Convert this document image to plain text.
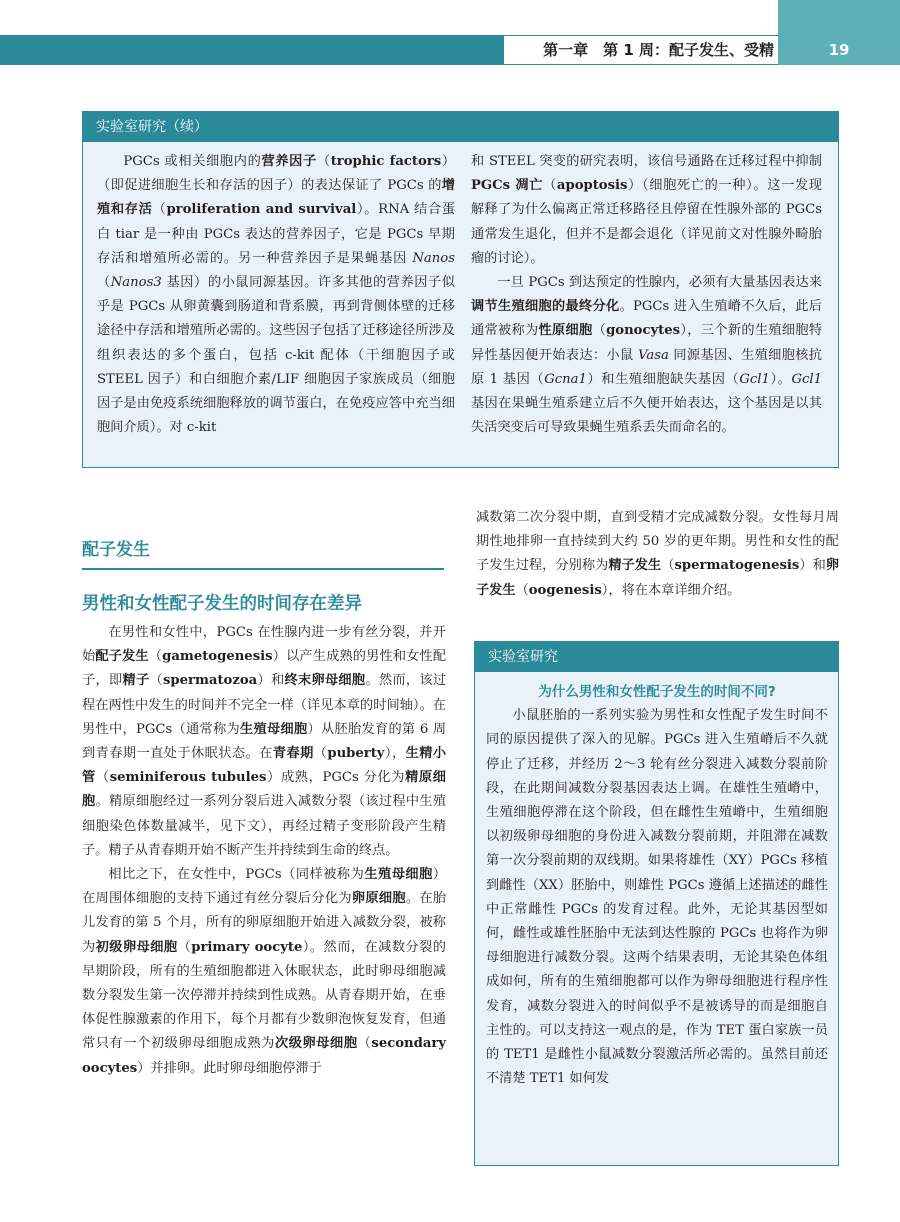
第一章　第 1 周：配子发生、受精	19
实验室研究（续）

PGCs 或相关细胞内的营养因子（trophic factors）（即促进细胞生长和存活的因子）的表达保证了 PGCs 的增殖和存活（proliferation and survival）。RNA 结合蛋白 tiar 是一种由 PGCs 表达的营养因子，它是 PGCs 早期存活和增殖所必需的。另一种营养因子是果蝇基因 Nanos（Nanos3 基因）的小鼠同源基因。许多其他的营养因子似乎是 PGCs 从卵黄囊到肠道和背系膜，再到背侧体壁的迁移途径中存活和增殖所必需的。这些因子包括了迁移途径所涉及组织表达的多个蛋白，包括 c-kit 配体（干细胞因子或 STEEL 因子）和白细胞介素/LIF 细胞因子家族成员（细胞因子是由免疫系统细胞释放的调节蛋白，在免疫应答中充当细胞间介质）。对 c-kit

和 STEEL 突变的研究表明，该信号通路在迁移过程中抑制 PGCs 凋亡（apoptosis）（细胞死亡的一种）。这一发现解释了为什么偏离正常迁移路径且停留在性腺外部的 PGCs 通常发生退化，但并不是都会退化（详见前文对性腺外畸胎瘤的讨论）。

一旦 PGCs 到达预定的性腺内，必须有大量基因表达来调节生殖细胞的最终分化。PGCs 进入生殖嵴不久后，此后通常被称为性原细胞（gonocytes），三个新的生殖细胞特异性基因便开始表达：小鼠 Vasa 同源基因、生殖细胞核抗原 1 基因（Gcna1）和生殖细胞缺失基因（Gcl1）。Gcl1 基因在果蝇生殖系建立后不久便开始表达，这个基因是以其失活突变后可导致果蝇生殖系丢失而命名的。

配子发生
男性和女性配子发生的时间存在差异

在男性和女性中，PGCs 在性腺内进一步有丝分裂，并开始配子发生（gametogenesis）以产生成熟的男性和女性配子，即精子（spermatozoa）和终末卵母细胞。然而，该过程在两性中发生的时间并不完全一样（详见本章的时间轴）。在男性中，PGCs（通常称为生殖母细胞）从胚胎发育的第 6 周到青春期一直处于休眠状态。在青春期（puberty），生精小管（seminiferous tubules）成熟，PGCs 分化为精原细胞。精原细胞经过一系列分裂后进入减数分裂（该过程中生殖细胞染色体数量减半，见下文），再经过精子变形阶段产生精子。精子从青春期开始不断产生并持续到生命的终点。

相比之下，在女性中，PGCs（同样被称为生殖母细胞）在周围体细胞的支持下通过有丝分裂后分化为卵原细胞。在胎儿发育的第 5 个月，所有的卵原细胞开始进入减数分裂，被称为初级卵母细胞（primary oocyte）。然而，在减数分裂的早期阶段，所有的生殖细胞都进入休眠状态，此时卵母细胞减数分裂发生第一次停滞并持续到性成熟。从青春期开始，在垂体促性腺激素的作用下，每个月都有少数卵泡恢复发育，但通常只有一个初级卵母细胞成熟为次级卵母细胞（secondary oocytes）并排卵。此时卵母细胞停滞于

减数第二次分裂中期，直到受精才完成减数分裂。女性每月周期性地排卵一直持续到大约 50 岁的更年期。男性和女性的配子发生过程，分别称为精子发生（spermatogenesis）和卵子发生（oogenesis），将在本章详细介绍。

实验室研究

为什么男性和女性配子发生的时间不同?

小鼠胚胎的一系列实验为男性和女性配子发生时间不同的原因提供了深入的见解。PGCs 进入生殖嵴后不久就停止了迁移，并经历 2～3 轮有丝分裂进入减数分裂前阶段，在此期间减数分裂基因表达上调。在雄性生殖嵴中，生殖细胞停滞在这个阶段，但在雌性生殖嵴中，生殖细胞以初级卵母细胞的身份进入减数分裂前期，并阻滞在减数第一次分裂前期的双线期。如果将雄性（XY）PGCs 移植到雌性（XX）胚胎中，则雄性 PGCs 遵循上述描述的雌性中正常雌性 PGCs 的发育过程。此外，无论其基因型如何，雌性或雄性胚胎中无法到达性腺的 PGCs 也将作为卵母细胞进行减数分裂。这两个结果表明，无论其染色体组成如何，所有的生殖细胞都可以作为卵母细胞进行程序性发育，减数分裂进入的时间似乎不是被诱导的而是细胞自主性的。可以支持这一观点的是，作为 TET 蛋白家族一员的 TET1 是雌性小鼠减数分裂激活所必需的。虽然目前还不清楚 TET1 如何发
